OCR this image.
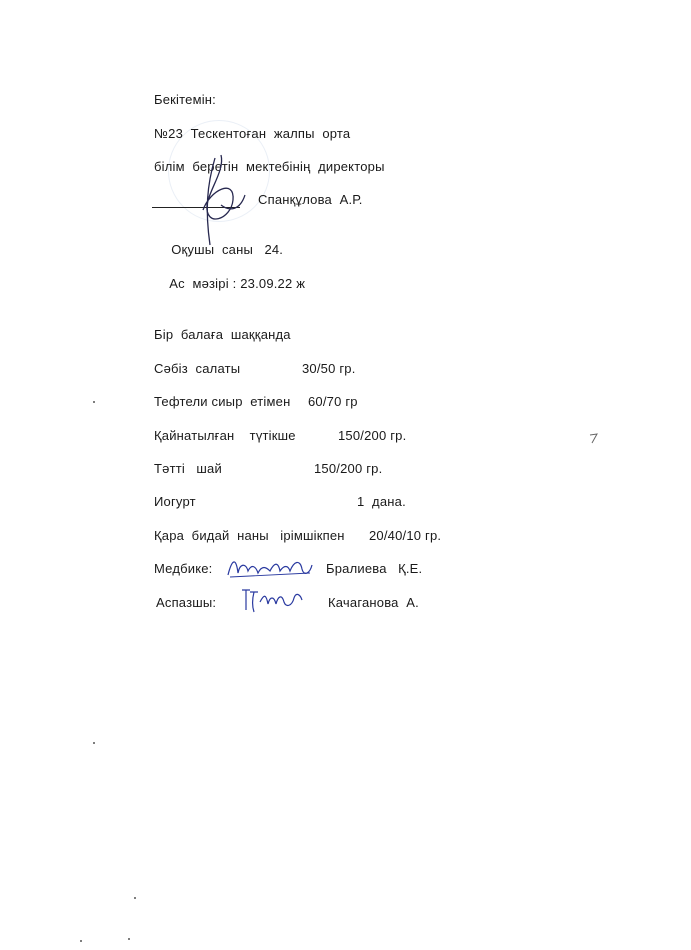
Бекітемін:
№23  Тескентоған  жалпы  орта
білім  беретін  мектебінің  директоры
Спанқұлова  А.Р.

Оқушы  саны 24.

Ас  мәзірі : 23.09.22 ж

Бір  балаға  шаққанда
Сәбіз  салаты	30/50 гр.
Тефтели сиыр  етімен 60/70 гр
Қайнатылған    түтікше	150/200 гр.
Тәтті   шай	150/200 гр.
Иогурт	1  дана.
Қара  бидай  наны   ірімшікпен 20/40/10 гр.
Медбике:	Бралиева   Қ.Е.
Аспазшы:	Качаганова  А.
